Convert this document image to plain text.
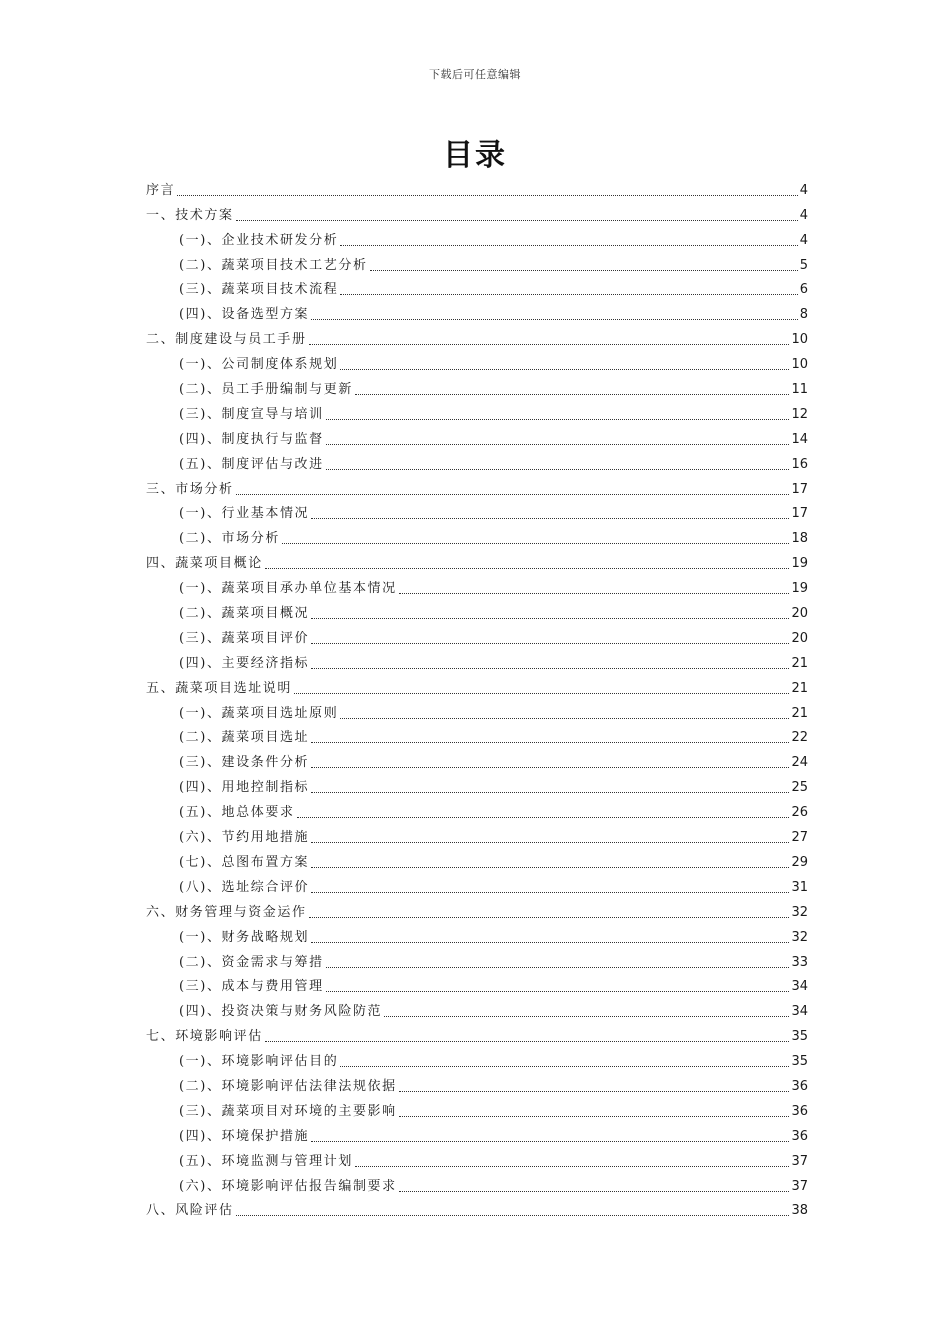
下载后可任意编辑
目录
序言	4
一、技术方案	4
(一)、企业技术研发分析	4
(二)、蔬菜项目技术工艺分析	5
(三)、蔬菜项目技术流程	6
(四)、设备选型方案	8
二、制度建设与员工手册	10
(一)、公司制度体系规划	10
(二)、员工手册编制与更新	11
(三)、制度宣导与培训	12
(四)、制度执行与监督	14
(五)、制度评估与改进	16
三、市场分析	17
(一)、行业基本情况	17
(二)、市场分析	18
四、蔬菜项目概论	19
(一)、蔬菜项目承办单位基本情况	19
(二)、蔬菜项目概况	20
(三)、蔬菜项目评价	20
(四)、主要经济指标	21
五、蔬菜项目选址说明	21
(一)、蔬菜项目选址原则	21
(二)、蔬菜项目选址	22
(三)、建设条件分析	24
(四)、用地控制指标	25
(五)、地总体要求	26
(六)、节约用地措施	27
(七)、总图布置方案	29
(八)、选址综合评价	31
六、财务管理与资金运作	32
(一)、财务战略规划	32
(二)、资金需求与筹措	33
(三)、成本与费用管理	34
(四)、投资决策与财务风险防范	34
七、环境影响评估	35
(一)、环境影响评估目的	35
(二)、环境影响评估法律法规依据	36
(三)、蔬菜项目对环境的主要影响	36
(四)、环境保护措施	36
(五)、环境监测与管理计划	37
(六)、环境影响评估报告编制要求	37
八、风险评估	38
